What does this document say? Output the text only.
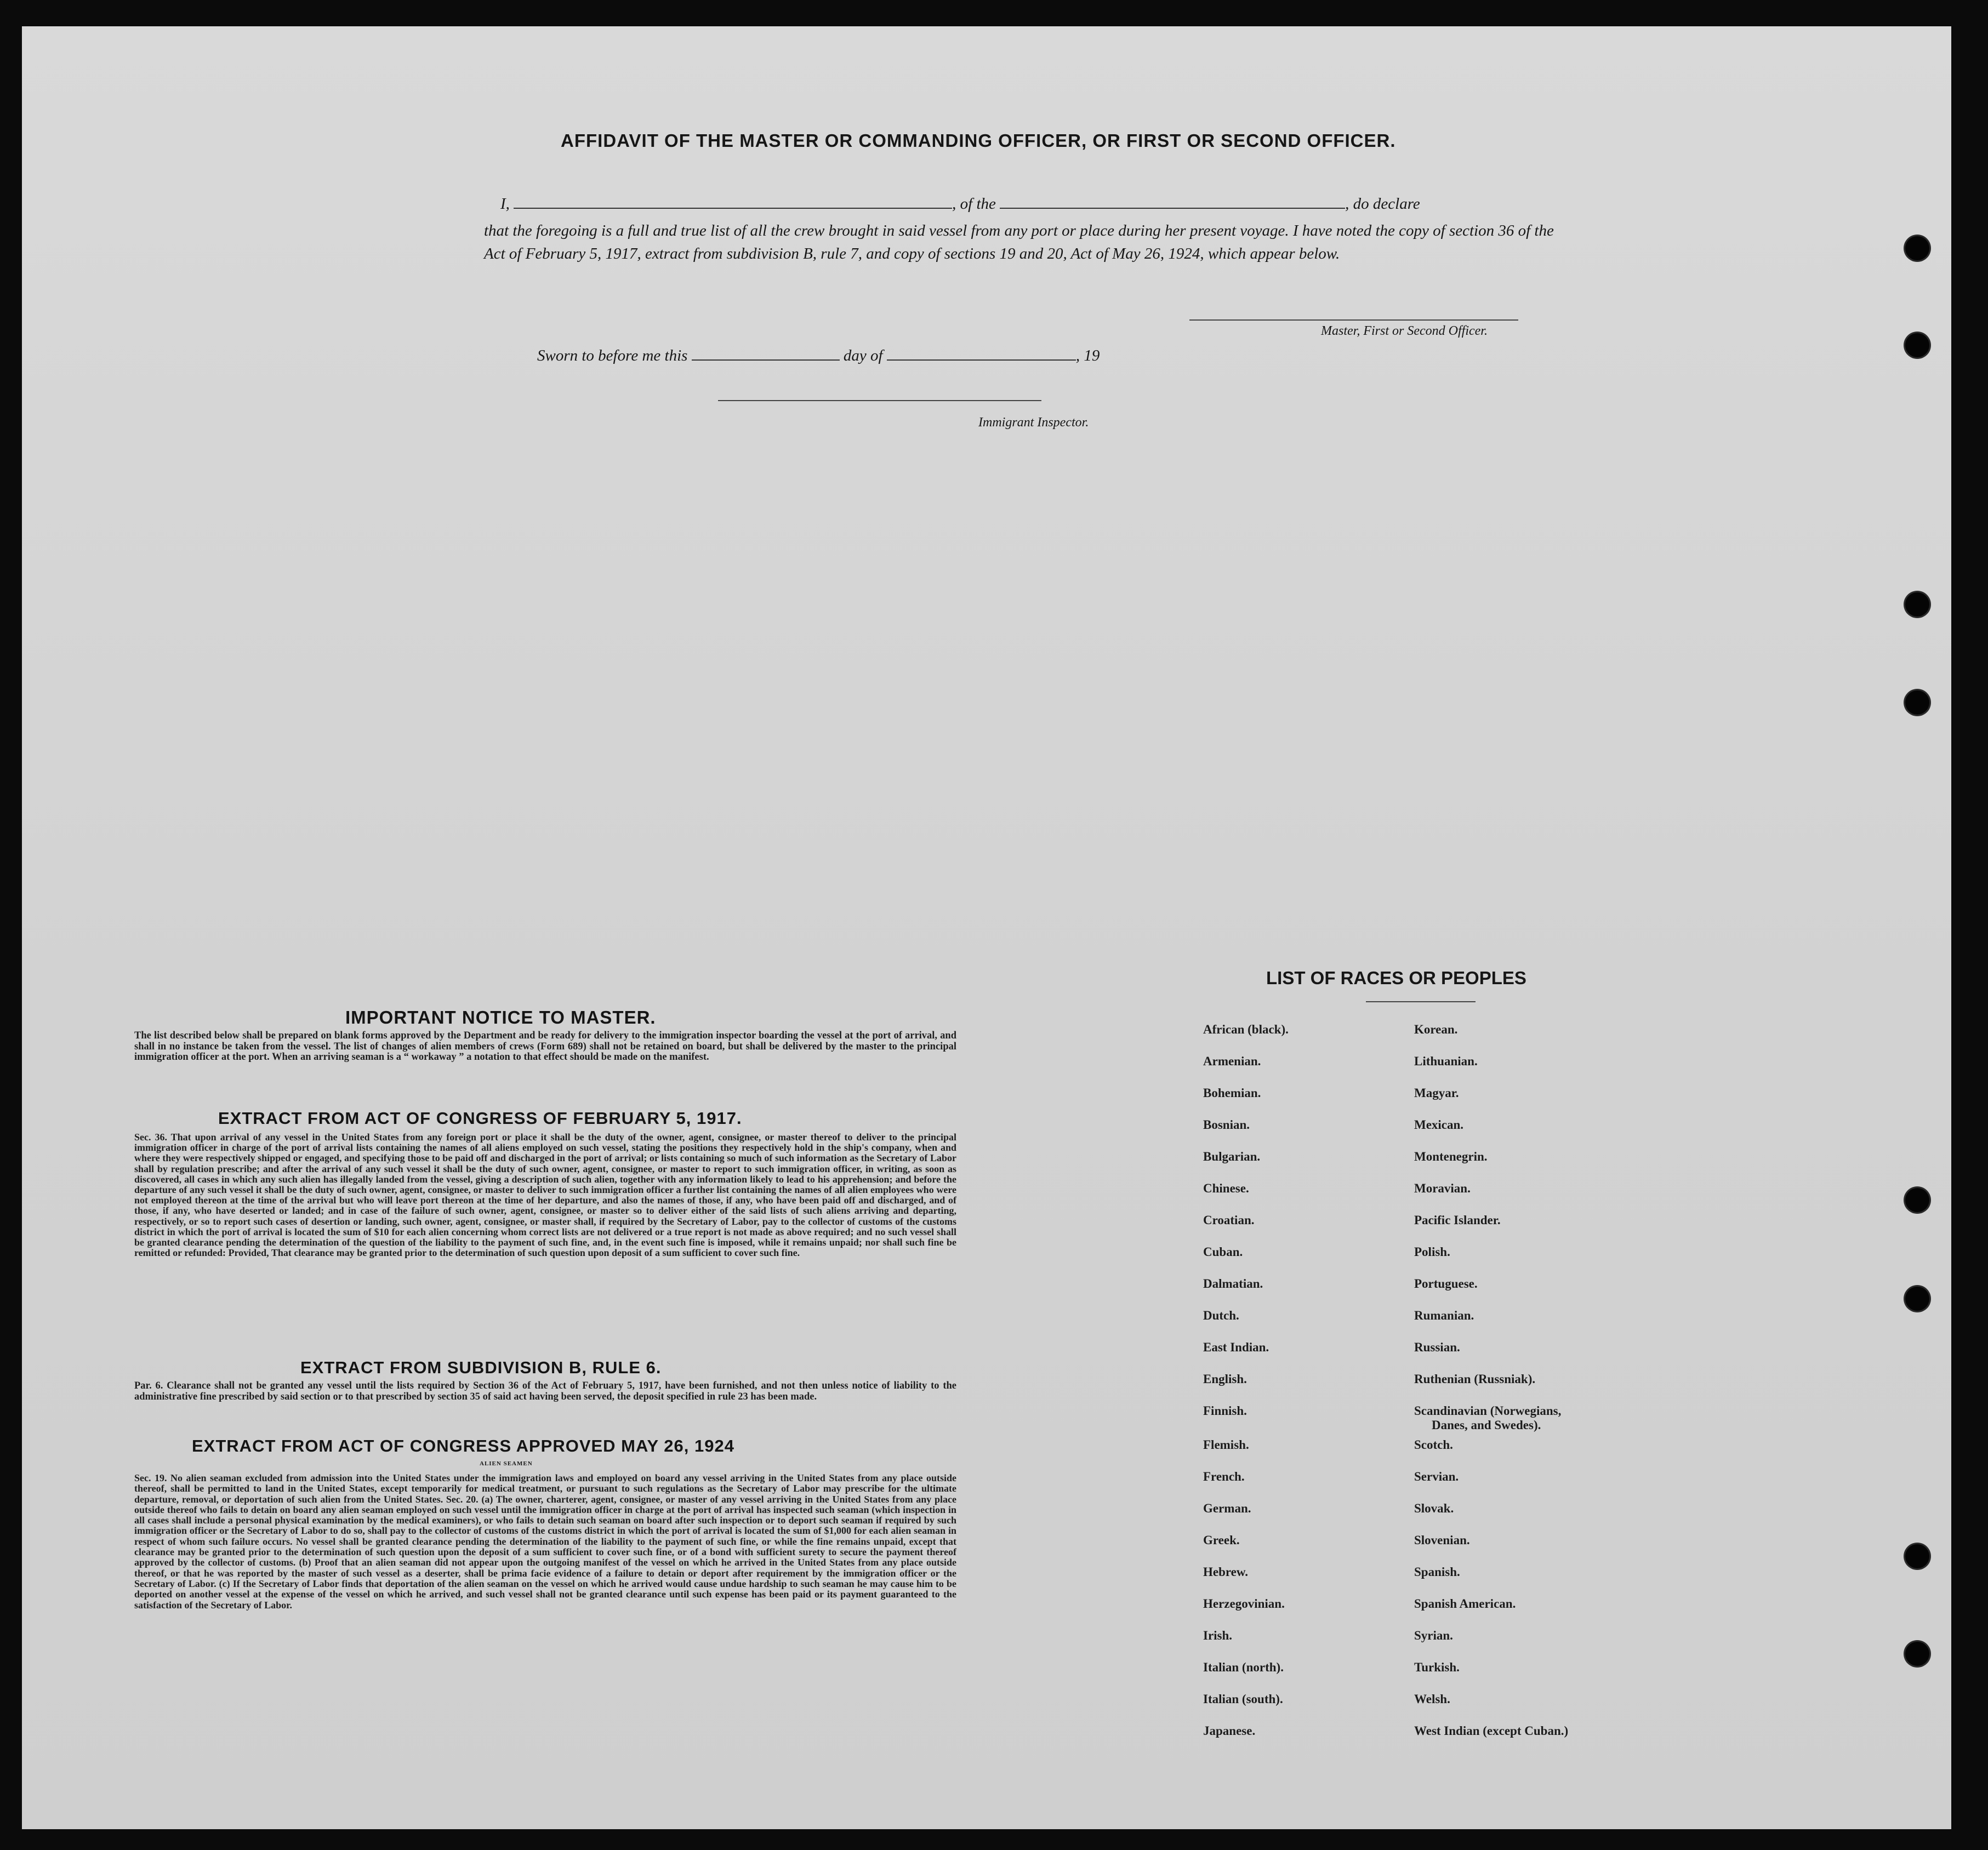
AFFIDAVIT OF THE MASTER OR COMMANDING OFFICER, OR FIRST OR SECOND OFFICER.
I,	, of the	, do declare
that the foregoing is a full and true list of all the crew brought in said vessel from any port or place during her present voyage. I have noted the copy of section 36 of the Act of February 5, 1917, extract from subdivision B, rule 7, and copy of sections 19 and 20, Act of May 26, 1924, which appear below.
Master, First or Second Officer.
Sworn to before me this	day of	, 19
Immigrant Inspector.
IMPORTANT NOTICE TO MASTER.
The list described below shall be prepared on blank forms approved by the Department and be ready for delivery to the immigration inspector boarding the vessel at the port of arrival, and shall in no instance be taken from the vessel. The list of changes of alien members of crews (Form 689) shall not be retained on board, but shall be delivered by the master to the principal immigration officer at the port. When an arriving seaman is a “ workaway ” a notation to that effect should be made on the manifest.
EXTRACT FROM ACT OF CONGRESS OF FEBRUARY 5, 1917.
Sec. 36. That upon arrival of any vessel in the United States from any foreign port or place it shall be the duty of the owner, agent, consignee, or master thereof to deliver to the principal immigration officer in charge of the port of arrival lists containing the names of all aliens employed on such vessel, stating the positions they respectively hold in the ship's company, when and where they were respectively shipped or engaged, and specifying those to be paid off and discharged in the port of arrival; or lists containing so much of such information as the Secretary of Labor shall by regulation prescribe; and after the arrival of any such vessel it shall be the duty of such owner, agent, consignee, or master to report to such immigration officer, in writing, as soon as discovered, all cases in which any such alien has illegally landed from the vessel, giving a description of such alien, together with any information likely to lead to his apprehension; and before the departure of any such vessel it shall be the duty of such owner, agent, consignee, or master to deliver to such immigration officer a further list containing the names of all alien employees who were not employed thereon at the time of the arrival but who will leave port thereon at the time of her departure, and also the names of those, if any, who have been paid off and discharged, and of those, if any, who have deserted or landed; and in case of the failure of such owner, agent, consignee, or master so to deliver either of the said lists of such aliens arriving and departing, respectively, or so to report such cases of desertion or landing, such owner, agent, consignee, or master shall, if required by the Secretary of Labor, pay to the collector of customs of the customs district in which the port of arrival is located the sum of $10 for each alien concerning whom correct lists are not delivered or a true report is not made as above required; and no such vessel shall be granted clearance pending the determination of the question of the liability to the payment of such fine, and, in the event such fine is imposed, while it remains unpaid; nor shall such fine be remitted or refunded: Provided, That clearance may be granted prior to the determination of such question upon deposit of a sum sufficient to cover such fine.
EXTRACT FROM SUBDIVISION B, RULE 6.
Par. 6. Clearance shall not be granted any vessel until the lists required by Section 36 of the Act of February 5, 1917, have been furnished, and not then unless notice of liability to the administrative fine prescribed by said section or to that prescribed by section 35 of said act having been served, the deposit specified in rule 23 has been made.
EXTRACT FROM ACT OF CONGRESS APPROVED MAY 26, 1924
ALIEN SEAMEN
Sec. 19. No alien seaman excluded from admission into the United States under the immigration laws and employed on board any vessel arriving in the United States from any place outside thereof, shall be permitted to land in the United States, except temporarily for medical treatment, or pursuant to such regulations as the Secretary of Labor may prescribe for the ultimate departure, removal, or deportation of such alien from the United States. Sec. 20. (a) The owner, charterer, agent, consignee, or master of any vessel arriving in the United States from any place outside thereof who fails to detain on board any alien seaman employed on such vessel until the immigration officer in charge at the port of arrival has inspected such seaman (which inspection in all cases shall include a personal physical examination by the medical examiners), or who fails to detain such seaman on board after such inspection or to deport such seaman if required by such immigration officer or the Secretary of Labor to do so, shall pay to the collector of customs of the customs district in which the port of arrival is located the sum of $1,000 for each alien seaman in respect of whom such failure occurs. No vessel shall be granted clearance pending the determination of the liability to the payment of such fine, or while the fine remains unpaid, except that clearance may be granted prior to the determination of such question upon the deposit of a sum sufficient to cover such fine, or of a bond with sufficient surety to secure the payment thereof approved by the collector of customs. (b) Proof that an alien seaman did not appear upon the outgoing manifest of the vessel on which he arrived in the United States from any place outside thereof, or that he was reported by the master of such vessel as a deserter, shall be prima facie evidence of a failure to detain or deport after requirement by the immigration officer or the Secretary of Labor. (c) If the Secretary of Labor finds that deportation of the alien seaman on the vessel on which he arrived would cause undue hardship to such seaman he may cause him to be deported on another vessel at the expense of the vessel on which he arrived, and such vessel shall not be granted clearance until such expense has been paid or its payment guaranteed to the satisfaction of the Secretary of Labor.
LIST OF RACES OR PEOPLES
African (black).
Armenian.
Bohemian.
Bosnian.
Bulgarian.
Chinese.
Croatian.
Cuban.
Dalmatian.
Dutch.
East Indian.
English.
Finnish.
Flemish.
French.
German.
Greek.
Hebrew.
Herzegovinian.
Irish.
Italian (north).
Italian (south).
Japanese.
Korean.
Lithuanian.
Magyar.
Mexican.
Montenegrin.
Moravian.
Pacific Islander.
Polish.
Portuguese.
Rumanian.
Russian.
Ruthenian (Russniak).
Scandinavian (Norwegians,
Danes, and Swedes).
Scotch.
Servian.
Slovak.
Slovenian.
Spanish.
Spanish American.
Syrian.
Turkish.
Welsh.
West Indian (except Cuban.)
